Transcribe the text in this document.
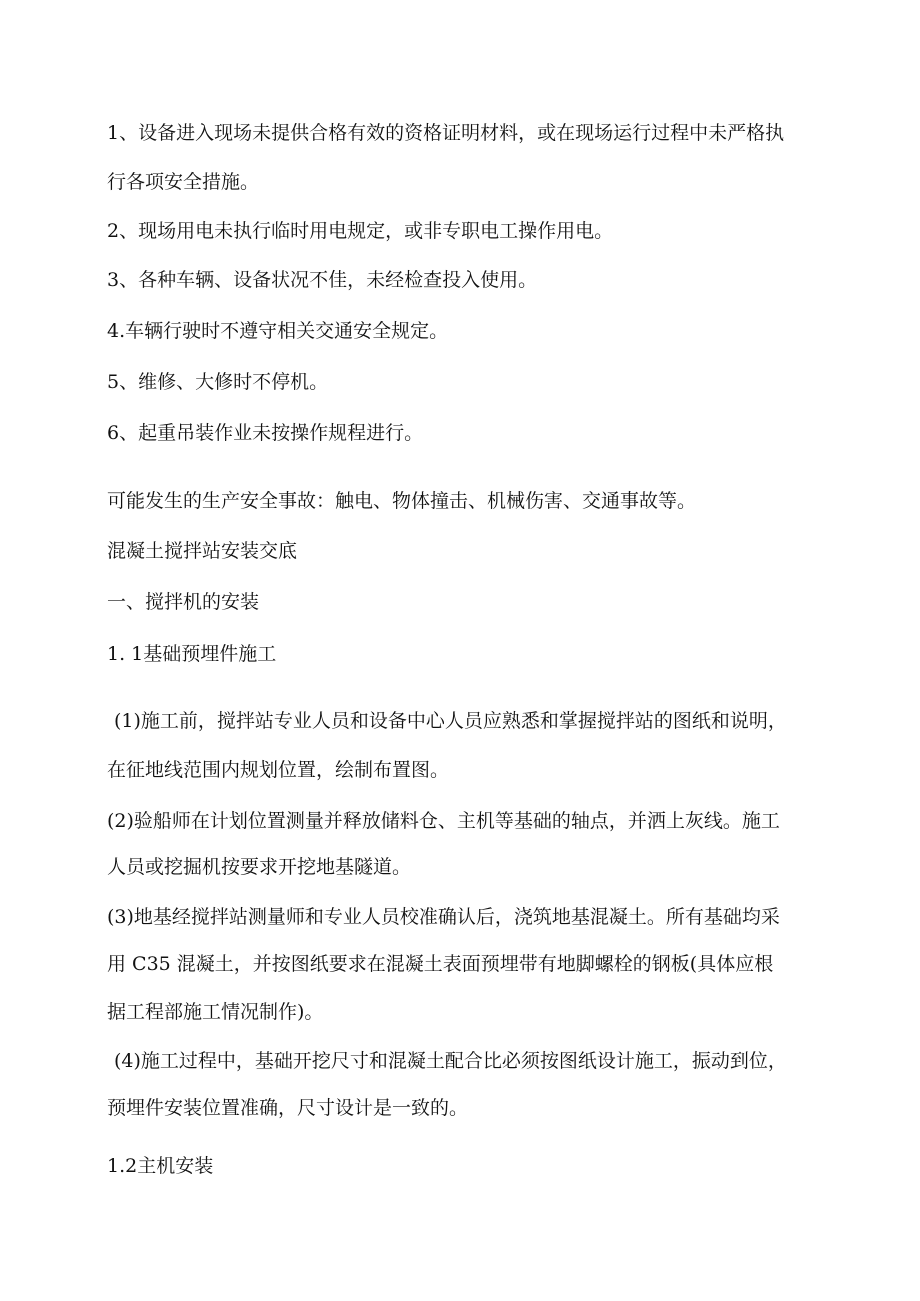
1、设备进入现场未提供合格有效的资格证明材料，或在现场运行过程中未严格执
行各项安全措施。
2、现场用电未执行临时用电规定，或非专职电工操作用电。
3、各种车辆、设备状况不佳，未经检查投入使用。
4.车辆行驶时不遵守相关交通安全规定。
5、维修、大修时不停机。
6、起重吊装作业未按操作规程进行。
可能发生的生产安全事故：触电、物体撞击、机械伤害、交通事故等。
混凝土搅拌站安装交底
一、搅拌机的安装
1. 1基础预埋件施工
(1)施工前，搅拌站专业人员和设备中心人员应熟悉和掌握搅拌站的图纸和说明，
在征地线范围内规划位置，绘制布置图。
(2)验船师在计划位置测量并释放储料仓、主机等基础的轴点，并洒上灰线。施工
人员或挖掘机按要求开挖地基隧道。
(3)地基经搅拌站测量师和专业人员校准确认后，浇筑地基混凝土。所有基础均采
用 C35 混凝土，并按图纸要求在混凝土表面预埋带有地脚螺栓的钢板(具体应根
据工程部施工情况制作)。
(4)施工过程中，基础开挖尺寸和混凝土配合比必须按图纸设计施工，振动到位，
预埋件安装位置准确，尺寸设计是一致的。
1.2主机安装
